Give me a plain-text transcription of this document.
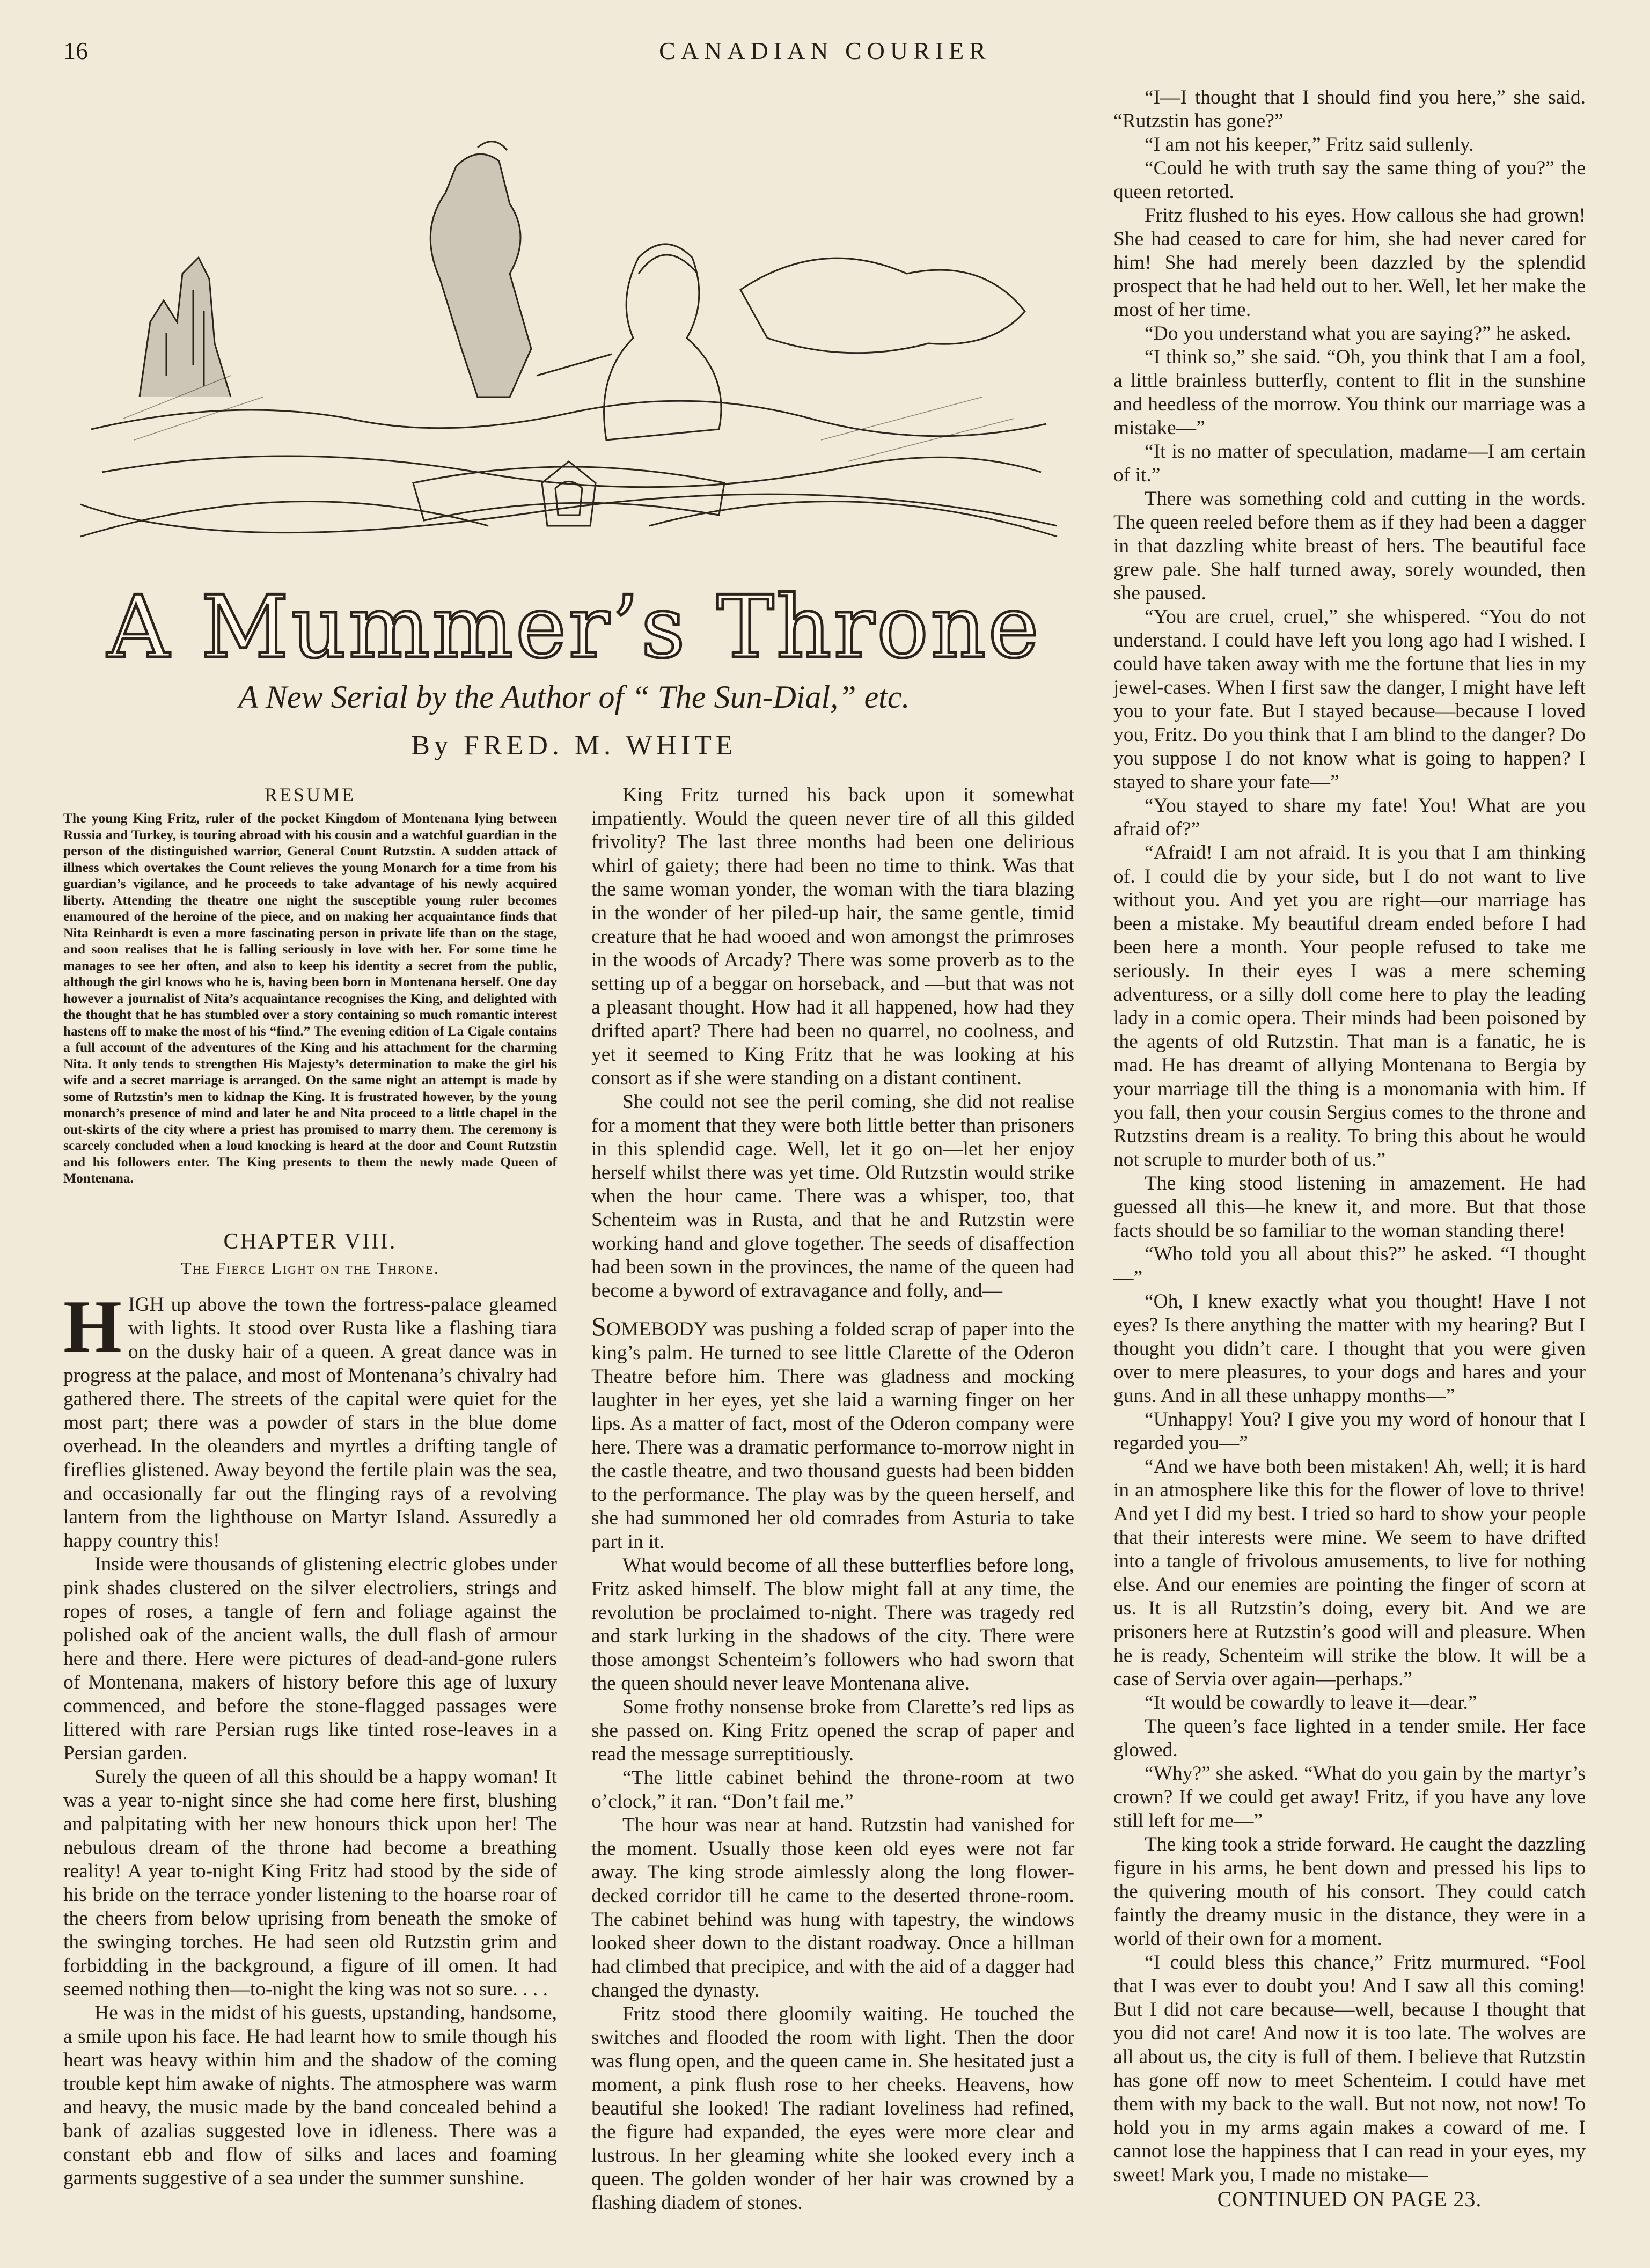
16	CANADIAN COURIER
A Mummer’s Throne
A New Serial by the Author of “ The Sun-Dial,” etc.
By FRED. M. WHITE
RESUME
The young King Fritz, ruler of the pocket Kingdom of Montenana lying between Russia and Turkey, is touring abroad with his cousin and a watchful guardian in the person of the distinguished warrior, General Count Rutzstin. A sudden attack of illness which overtakes the Count relieves the young Monarch for a time from his guardian’s vigilance, and he proceeds to take advantage of his newly acquired liberty. Attending the theatre one night the susceptible young ruler becomes enamoured of the heroine of the piece, and on making her acquaintance finds that Nita Reinhardt is even a more fascinating person in private life than on the stage, and soon realises that he is falling seriously in love with her. For some time he manages to see her often, and also to keep his identity a secret from the public, although the girl knows who he is, having been born in Montenana herself. One day however a journalist of Nita’s acquaintance recognises the King, and delighted with the thought that he has stumbled over a story containing so much romantic interest hastens off to make the most of his “find.” The evening edition of La Cigale contains a full account of the adventures of the King and his attachment for the charming Nita. It only tends to strengthen His Majesty’s determination to make the girl his wife and a secret marriage is arranged. On the same night an attempt is made by some of Rutzstin’s men to kidnap the King. It is frustrated however, by the young monarch’s presence of mind and later he and Nita proceed to a little chapel in the out-skirts of the city where a priest has promised to marry them. The ceremony is scarcely concluded when a loud knocking is heard at the door and Count Rutzstin and his followers enter. The King presents to them the newly made Queen of Montenana.
CHAPTER VIII.
The Fierce Light on the Throne.

HIGH up above the town the fortress-palace gleamed with lights. It stood over Rusta like a flashing tiara on the dusky hair of a queen. A great dance was in progress at the palace, and most of Montenana’s chivalry had gathered there. The streets of the capital were quiet for the most part; there was a powder of stars in the blue dome overhead. In the oleanders and myrtles a drifting tangle of fireflies glistened. Away beyond the fertile plain was the sea, and occasionally far out the flinging rays of a revolving lantern from the lighthouse on Martyr Island. Assuredly a happy country this!

Inside were thousands of glistening electric globes under pink shades clustered on the silver electroliers, strings and ropes of roses, a tangle of fern and foliage against the polished oak of the ancient walls, the dull flash of armour here and there. Here were pictures of dead-and-gone rulers of Montenana, makers of history before this age of luxury commenced, and before the stone-flagged passages were littered with rare Persian rugs like tinted rose-leaves in a Persian garden.

Surely the queen of all this should be a happy woman! It was a year to-night since she had come here first, blushing and palpitating with her new honours thick upon her! The nebulous dream of the throne had become a breathing reality! A year to-night King Fritz had stood by the side of his bride on the terrace yonder listening to the hoarse roar of the cheers from below uprising from beneath the smoke of the swinging torches. He had seen old Rutzstin grim and forbidding in the background, a figure of ill omen. It had seemed nothing then—to-night the king was not so sure. . . .

He was in the midst of his guests, upstanding, handsome, a smile upon his face. He had learnt how to smile though his heart was heavy within him and the shadow of the coming trouble kept him awake of nights. The atmosphere was warm and heavy, the music made by the band concealed behind a bank of azalias suggested love in idleness. There was a constant ebb and flow of silks and laces and foaming garments suggestive of a sea under the summer sunshine.

King Fritz turned his back upon it somewhat impatiently. Would the queen never tire of all this gilded frivolity? The last three months had been one delirious whirl of gaiety; there had been no time to think. Was that the same woman yonder, the woman with the tiara blazing in the wonder of her piled-up hair, the same gentle, timid creature that he had wooed and won amongst the primroses in the woods of Arcady? There was some proverb as to the setting up of a beggar on horseback, and —but that was not a pleasant thought. How had it all happened, how had they drifted apart? There had been no quarrel, no coolness, and yet it seemed to King Fritz that he was looking at his consort as if she were standing on a distant continent.

She could not see the peril coming, she did not realise for a moment that they were both little better than prisoners in this splendid cage. Well, let it go on—let her enjoy herself whilst there was yet time. Old Rutzstin would strike when the hour came. There was a whisper, too, that Schenteim was in Rusta, and that he and Rutzstin were working hand and glove together. The seeds of disaffection had been sown in the provinces, the name of the queen had become a byword of extravagance and folly, and—

SOMEBODY was pushing a folded scrap of paper into the king’s palm. He turned to see little Clarette of the Oderon Theatre before him. There was gladness and mocking laughter in her eyes, yet she laid a warning finger on her lips. As a matter of fact, most of the Oderon company were here. There was a dramatic performance to-morrow night in the castle theatre, and two thousand guests had been bidden to the performance. The play was by the queen herself, and she had summoned her old comrades from Asturia to take part in it.

What would become of all these butterflies before long, Fritz asked himself. The blow might fall at any time, the revolution be proclaimed to-night. There was tragedy red and stark lurking in the shadows of the city. There were those amongst Schenteim’s followers who had sworn that the queen should never leave Montenana alive.

Some frothy nonsense broke from Clarette’s red lips as she passed on. King Fritz opened the scrap of paper and read the message surreptitiously.

“The little cabinet behind the throne-room at two o’clock,” it ran. “Don’t fail me.”

The hour was near at hand. Rutzstin had vanished for the moment. Usually those keen old eyes were not far away. The king strode aimlessly along the long flower-decked corridor till he came to the deserted throne-room. The cabinet behind was hung with tapestry, the windows looked sheer down to the distant roadway. Once a hillman had climbed that precipice, and with the aid of a dagger had changed the dynasty.

Fritz stood there gloomily waiting. He touched the switches and flooded the room with light. Then the door was flung open, and the queen came in. She hesitated just a moment, a pink flush rose to her cheeks. Heavens, how beautiful she looked! The radiant loveliness had refined, the figure had expanded, the eyes were more clear and lustrous. In her gleaming white she looked every inch a queen. The golden wonder of her hair was crowned by a flashing diadem of stones.

“I—I thought that I should find you here,” she said. “Rutzstin has gone?”

“I am not his keeper,” Fritz said sullenly.

“Could he with truth say the same thing of you?” the queen retorted.

Fritz flushed to his eyes. How callous she had grown! She had ceased to care for him, she had never cared for him! She had merely been dazzled by the splendid prospect that he had held out to her. Well, let her make the most of her time.

“Do you understand what you are saying?” he asked.

“I think so,” she said. “Oh, you think that I am a fool, a little brainless butterfly, content to flit in the sunshine and heedless of the morrow. You think our marriage was a mistake—”

“It is no matter of speculation, madame—I am certain of it.”

There was something cold and cutting in the words. The queen reeled before them as if they had been a dagger in that dazzling white breast of hers. The beautiful face grew pale. She half turned away, sorely wounded, then she paused.

“You are cruel, cruel,” she whispered. “You do not understand. I could have left you long ago had I wished. I could have taken away with me the fortune that lies in my jewel-cases. When I first saw the danger, I might have left you to your fate. But I stayed because—because I loved you, Fritz. Do you think that I am blind to the danger? Do you suppose I do not know what is going to happen? I stayed to share your fate—”

“You stayed to share my fate! You! What are you afraid of?”

“Afraid! I am not afraid. It is you that I am thinking of. I could die by your side, but I do not want to live without you. And yet you are right—our marriage has been a mistake. My beautiful dream ended before I had been here a month. Your people refused to take me seriously. In their eyes I was a mere scheming adventuress, or a silly doll come here to play the leading lady in a comic opera. Their minds had been poisoned by the agents of old Rutzstin. That man is a fanatic, he is mad. He has dreamt of allying Montenana to Bergia by your marriage till the thing is a monomania with him. If you fall, then your cousin Sergius comes to the throne and Rutzstins dream is a reality. To bring this about he would not scruple to murder both of us.”

The king stood listening in amazement. He had guessed all this—he knew it, and more. But that those facts should be so familiar to the woman standing there!

“Who told you all about this?” he asked. “I thought—”

“Oh, I knew exactly what you thought! Have I not eyes? Is there anything the matter with my hearing? But I thought you didn’t care. I thought that you were given over to mere pleasures, to your dogs and hares and your guns. And in all these unhappy months—”

“Unhappy! You? I give you my word of honour that I regarded you—”

“And we have both been mistaken! Ah, well; it is hard in an atmosphere like this for the flower of love to thrive! And yet I did my best. I tried so hard to show your people that their interests were mine. We seem to have drifted into a tangle of frivolous amusements, to live for nothing else. And our enemies are pointing the finger of scorn at us. It is all Rutzstin’s doing, every bit. And we are prisoners here at Rutzstin’s good will and pleasure. When he is ready, Schenteim will strike the blow. It will be a case of Servia over again—perhaps.”

“It would be cowardly to leave it—dear.”

The queen’s face lighted in a tender smile. Her face glowed.

“Why?” she asked. “What do you gain by the martyr’s crown? If we could get away! Fritz, if you have any love still left for me—”

The king took a stride forward. He caught the dazzling figure in his arms, he bent down and pressed his lips to the quivering mouth of his consort. They could catch faintly the dreamy music in the distance, they were in a world of their own for a moment.

“I could bless this chance,” Fritz murmured. “Fool that I was ever to doubt you! And I saw all this coming! But I did not care because—well, because I thought that you did not care! And now it is too late. The wolves are all about us, the city is full of them. I believe that Rutzstin has gone off now to meet Schenteim. I could have met them with my back to the wall. But not now, not now! To hold you in my arms again makes a coward of me. I cannot lose the happiness that I can read in your eyes, my sweet! Mark you, I made no mistake—

CONTINUED ON PAGE 23.
